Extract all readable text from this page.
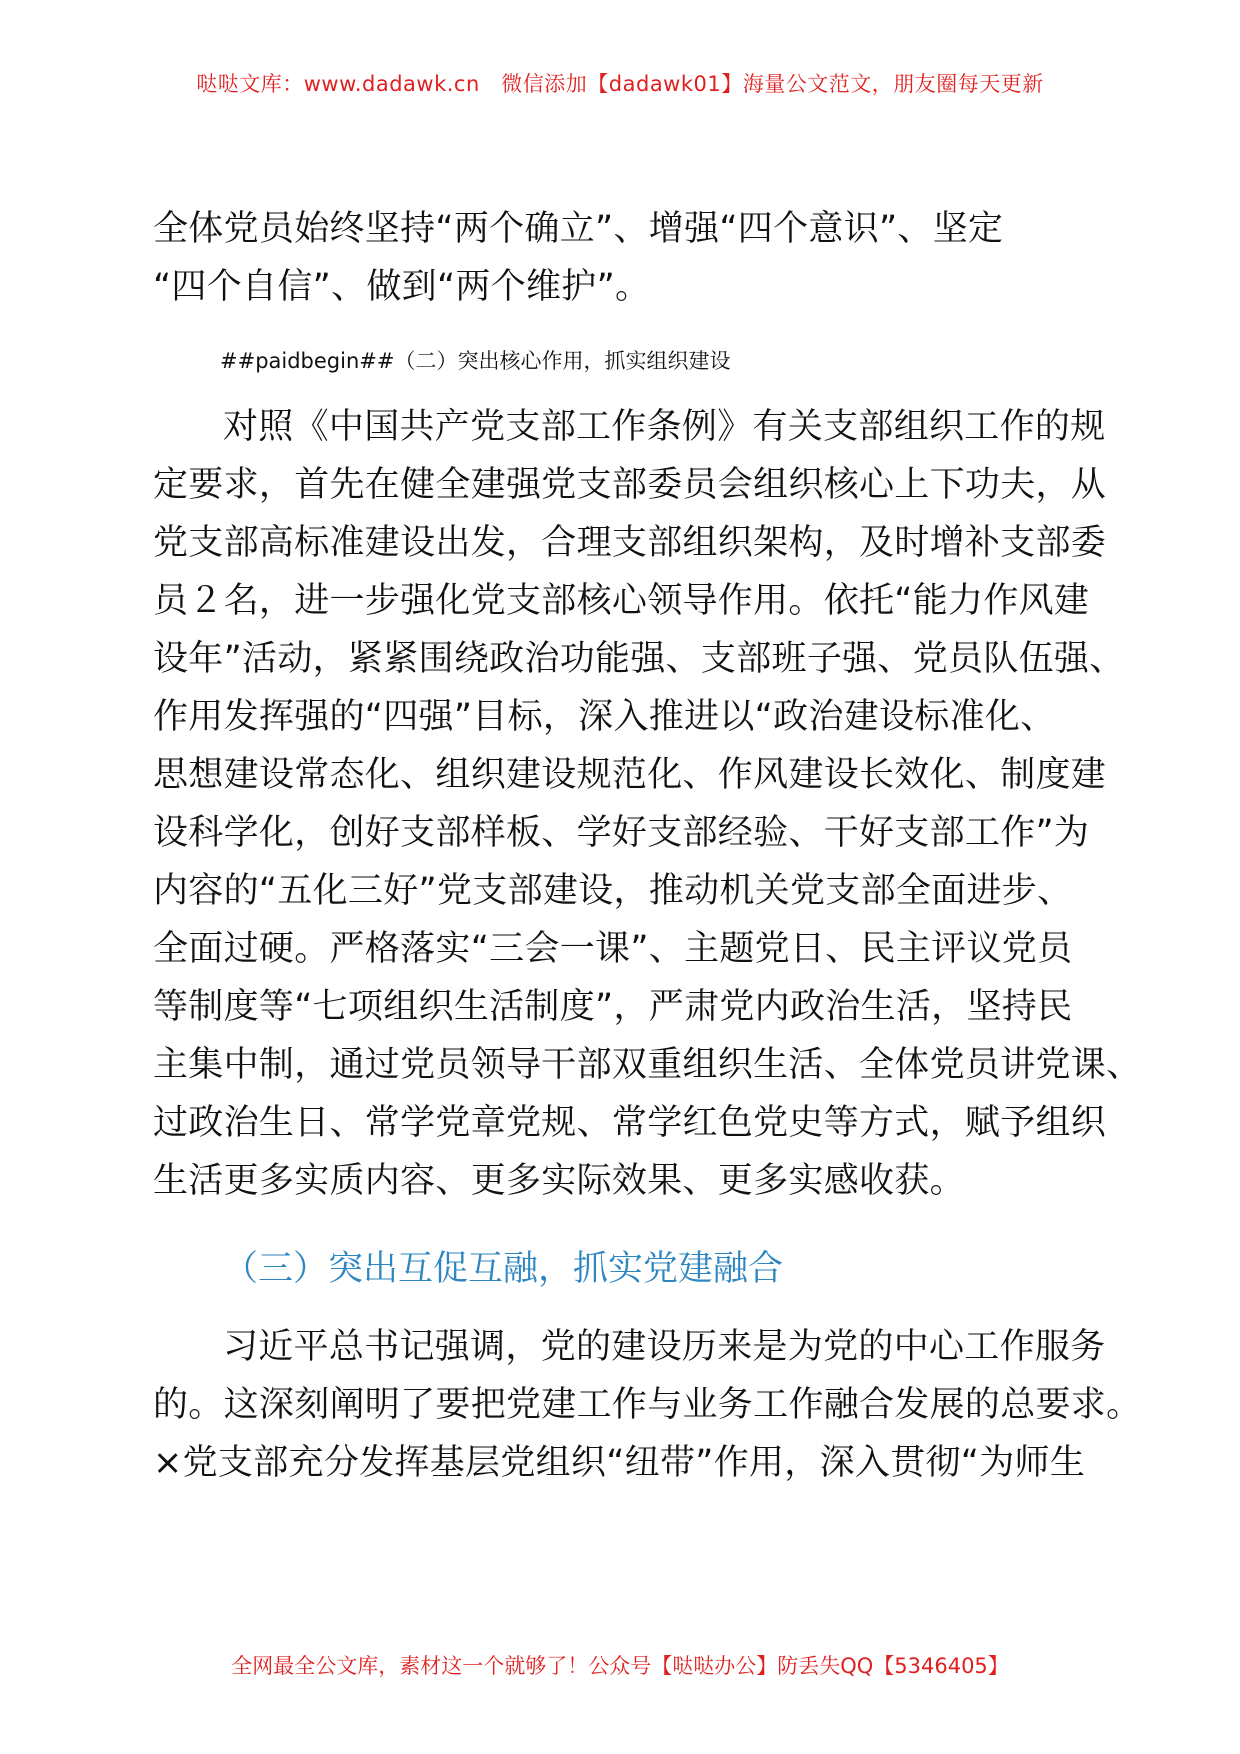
哒哒文库：www.dadawk.cn　微信添加【dadawk01】海量公文范文，朋友圈每天更新
全体党员始终坚持“两个确立”、增强“四个意识”、坚定
“四个自信”、做到“两个维护”。
##paidbegin##（二）突出核心作用，抓实组织建设
对照《中国共产党支部工作条例》有关支部组织工作的规
定要求，首先在健全建强党支部委员会组织核心上下功夫，从
党支部高标准建设出发，合理支部组织架构，及时增补支部委
员２名，进一步强化党支部核心领导作用。依托“能力作风建
设年”活动，紧紧围绕政治功能强、支部班子强、党员队伍强、
作用发挥强的“四强”目标，深入推进以“政治建设标准化、
思想建设常态化、组织建设规范化、作风建设长效化、制度建
设科学化，创好支部样板、学好支部经验、干好支部工作”为
内容的“五化三好”党支部建设，推动机关党支部全面进步、
全面过硬。严格落实“三会一课”、主题党日、民主评议党员
等制度等“七项组织生活制度”，严肃党内政治生活，坚持民
主集中制，通过党员领导干部双重组织生活、全体党员讲党课、
过政治生日、常学党章党规、常学红色党史等方式，赋予组织
生活更多实质内容、更多实际效果、更多实感收获。
（三）突出互促互融，抓实党建融合
习近平总书记强调，党的建设历来是为党的中心工作服务
的。这深刻阐明了要把党建工作与业务工作融合发展的总要求。
×党支部充分发挥基层党组织“纽带”作用，深入贯彻“为师生
全网最全公文库，素材这一个就够了！公众号【哒哒办公】防丢失QQ【5346405】
